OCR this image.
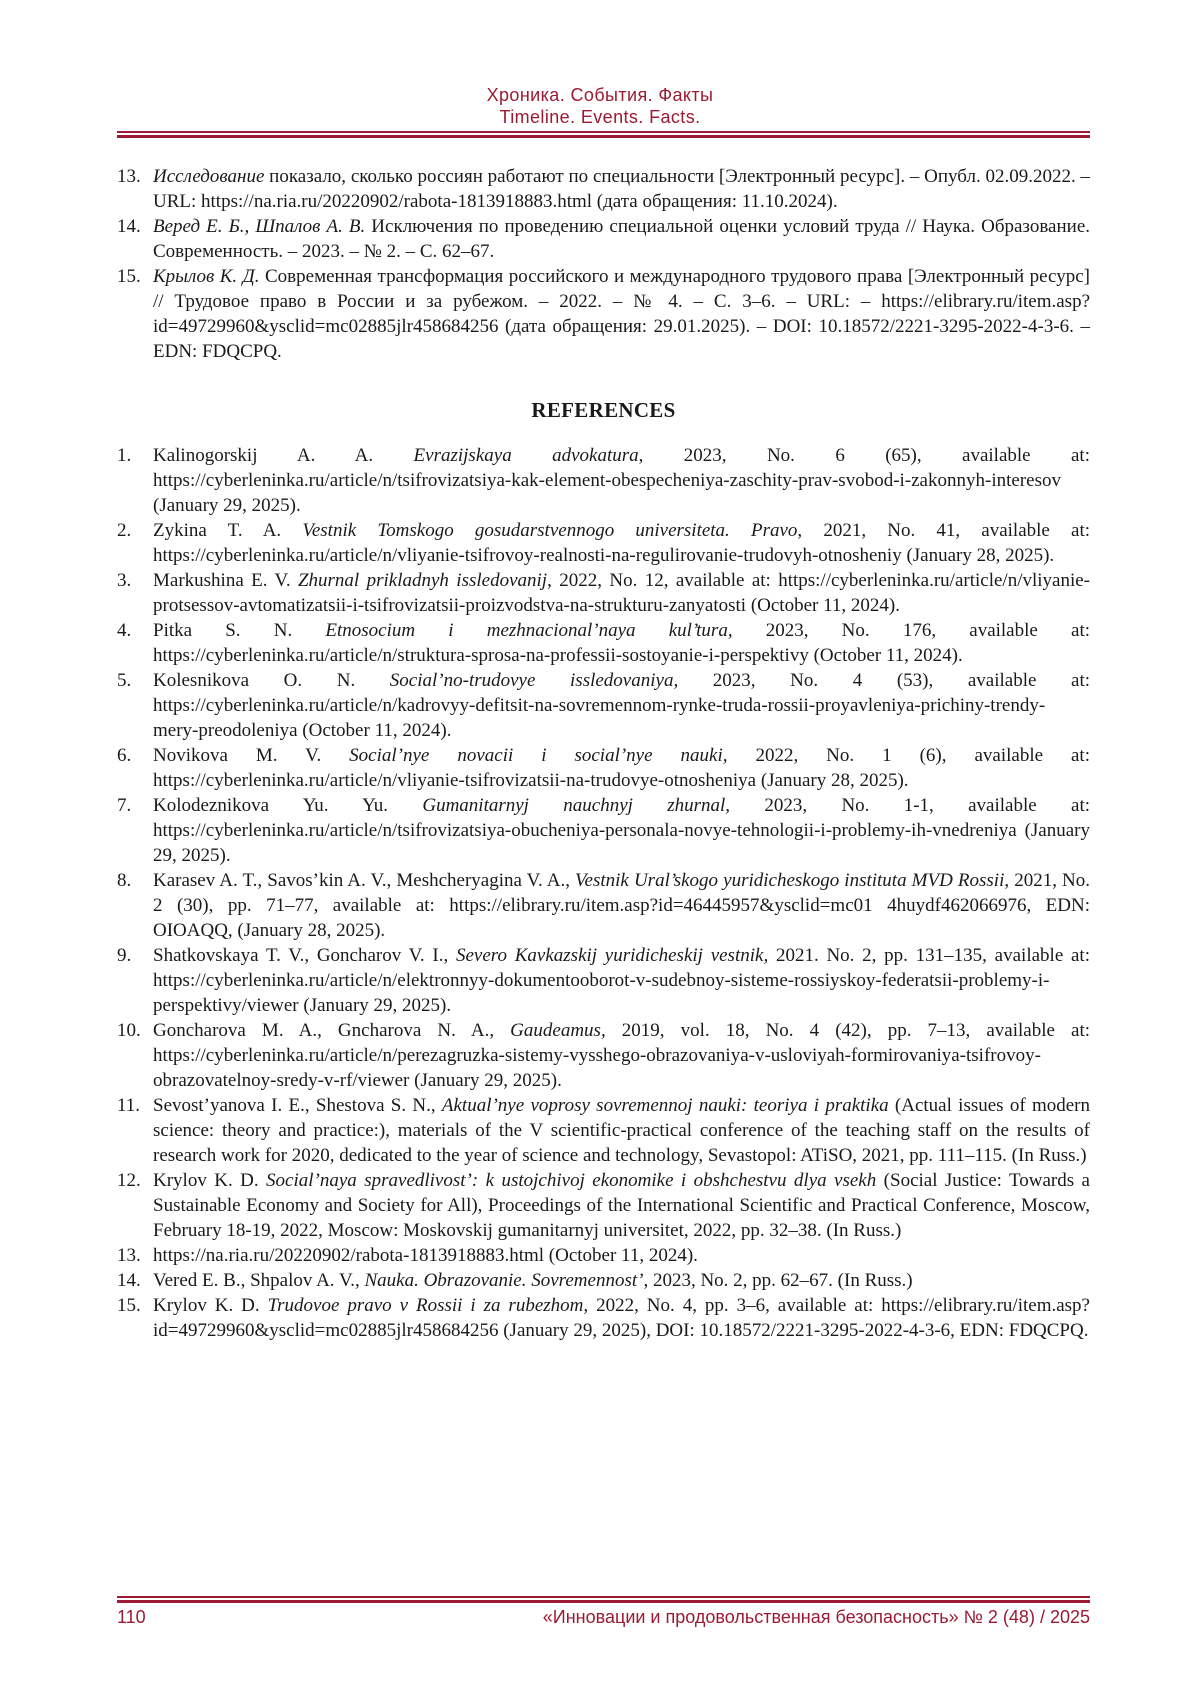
Хроника. События. Факты
Timeline. Events. Facts.
13. Исследование показало, сколько россиян работают по специальности [Электронный ресурс]. – Опубл. 02.09.2022. – URL: https://na.ria.ru/20220902/rabota-1813918883.html (дата обращения: 11.10.2024).
14. Веред Е. Б., Шпалов А. В. Исключения по проведению специальной оценки условий труда // Наука. Образование. Современность. – 2023. – № 2. – С. 62–67.
15. Крылов К. Д. Современная трансформация российского и международного трудового права [Электронный ресурс] // Трудовое право в России и за рубежом. – 2022. – № 4. – С. 3–6. – URL: – https://elibrary.ru/item.asp?id=49729960&ysclid=mc02885jlr458684256 (дата обращения: 29.01.2025). – DOI: 10.18572/2221-3295-2022-4-3-6. – EDN: FDQCPQ.
REFERENCES
1. Kalinogorskij A. A. Evrazijskaya advokatura, 2023, No. 6 (65), available at: https://cyberleninka.ru/article/n/tsifrovizatsiya-kak-element-obespecheniya-zaschity-prav-svobod-i-zakonnyh-interesov (January 29, 2025).
2. Zykina T. A. Vestnik Tomskogo gosudarstvennogo universiteta. Pravo, 2021, No. 41, available at: https://cyberleninka.ru/article/n/vliyanie-tsifrovoy-realnosti-na-regulirovanie-trudovyh-otnosheniy (January 28, 2025).
3. Markushina E. V. Zhurnal prikladnyh issledovanij, 2022, No. 12, available at: https://cyberleninka.ru/article/n/vliyanie-protsessov-avtomatizatsii-i-tsifrovizatsii-proizvodstva-na-strukturu-zanyatosti (October 11, 2024).
4. Pitka S. N. Etnosocium i mezhnacional’naya kul’tura, 2023, No. 176, available at: https://cyberleninka.ru/article/n/struktura-sprosa-na-professii-sostoyanie-i-perspektivy (October 11, 2024).
5. Kolesnikova O. N. Social’no-trudovye issledovaniya, 2023, No. 4 (53), available at: https://cyberleninka.ru/article/n/kadrovyy-defitsit-na-sovremennom-rynke-truda-rossii-proyavleniya-prichiny-trendy-mery-preodoleniya (October 11, 2024).
6. Novikova M. V. Social’nye novacii i social’nye nauki, 2022, No. 1 (6), available at: https://cyberleninka.ru/article/n/vliyanie-tsifrovizatsii-na-trudovye-otnosheniya (January 28, 2025).
7. Kolodeznikova Yu. Yu. Gumanitarnyj nauchnyj zhurnal, 2023, No. 1-1, available at: https://cyberleninka.ru/article/n/tsifrovizatsiya-obucheniya-personala-novye-tehnologii-i-problemy-ih-vnedreniya (January 29, 2025).
8. Karasev A. T., Savos’kin A. V., Meshcheryagina V. A., Vestnik Ural’skogo yuridicheskogo instituta MVD Rossii, 2021, No. 2 (30), pp. 71–77, available at: https://elibrary.ru/item.asp?id=46445957&ysclid=mc01 4huydf462066976, EDN: OIOAQQ, (January 28, 2025).
9. Shatkovskaya T. V., Goncharov V. I., Severo Kavkazskij yuridicheskij vestnik, 2021. No. 2, pp. 131–135, available at: https://cyberleninka.ru/article/n/elektronnyy-dokumentooborot-v-sudebnoy-sisteme-rossiyskoy-federatsii-problemy-i-perspektivy/viewer (January 29, 2025).
10. Goncharova M. A., Gncharova N. A., Gaudeamus, 2019, vol. 18, No. 4 (42), pp. 7–13, available at: https://cyberleninka.ru/article/n/perezagruzka-sistemy-vysshego-obrazovaniya-v-usloviyah-formirovaniya-tsifrovoy-obrazovatelnoy-sredy-v-rf/viewer (January 29, 2025).
11. Sevost’yanova I. E., Shestova S. N., Aktual’nye voprosy sovremennoj nauki: teoriya i praktika (Actual issues of modern science: theory and practice:), materials of the V scientific-practical conference of the teaching staff on the results of research work for 2020, dedicated to the year of science and technology, Sevastopol: ATiSO, 2021, pp. 111–115. (In Russ.)
12. Krylov K. D. Social’naya spravedlivost’: k ustojchivoj ekonomike i obshchestvu dlya vsekh (Social Justice: Towards a Sustainable Economy and Society for All), Proceedings of the International Scientific and Practical Conference, Moscow, February 18-19, 2022, Moscow: Moskovskij gumanitarnyj universitet, 2022, pp. 32–38. (In Russ.)
13. https://na.ria.ru/20220902/rabota-1813918883.html (October 11, 2024).
14. Vered E. B., Shpalov A. V., Nauka. Obrazovanie. Sovremennost’, 2023, No. 2, pp. 62–67. (In Russ.)
15. Krylov K. D. Trudovoe pravo v Rossii i za rubezhom, 2022, No. 4, pp. 3–6, available at: https://elibrary.ru/item.asp?id=49729960&ysclid=mc02885jlr458684256 (January 29, 2025), DOI: 10.18572/2221-3295-2022-4-3-6, EDN: FDQCPQ.
110	«Инновации и продовольственная безопасность» № 2 (48) / 2025
